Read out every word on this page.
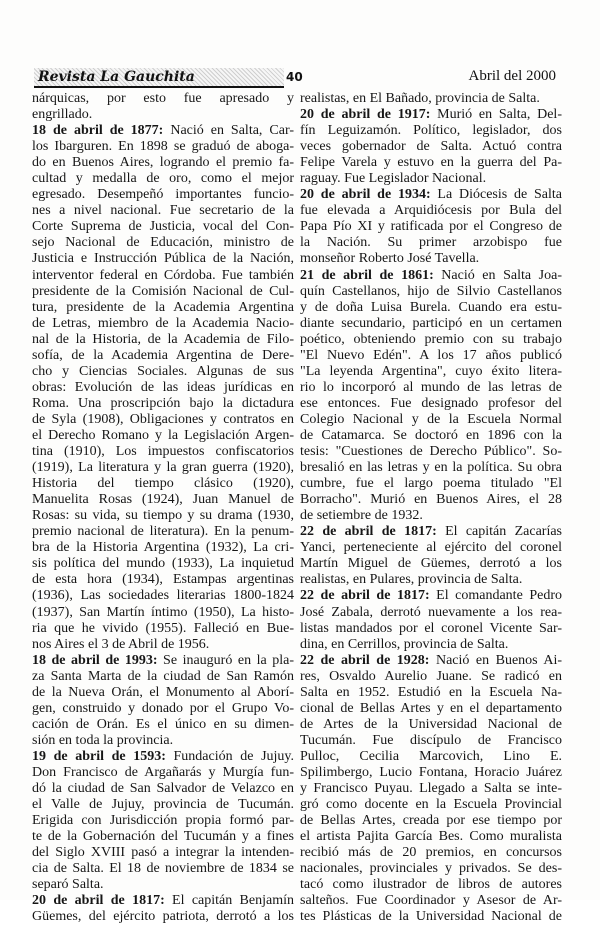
Revista La Gauchita	40	Abril del 2000
nárquicas, por esto fue apresado y
engrillado.
18 de abril de 1877: Nació en Salta, Car-
los Ibarguren. En 1898 se graduó de aboga-
do en Buenos Aires, logrando el premio fa-
cultad y medalla de oro, como el mejor
egresado. Desempeñó importantes funcio-
nes a nivel nacional. Fue secretario de la
Corte Suprema de Justicia, vocal del Con-
sejo Nacional de Educación, ministro de
Justicia e Instrucción Pública de la Nación,
interventor federal en Córdoba. Fue también
presidente de la Comisión Nacional de Cul-
tura, presidente de la Academia Argentina
de Letras, miembro de la Academia Nacio-
nal de la Historia, de la Academia de Filo-
sofía, de la Academia Argentina de Dere-
cho y Ciencias Sociales. Algunas de sus
obras: Evolución de las ideas jurídicas en
Roma. Una proscripción bajo la dictadura
de Syla (1908), Obligaciones y contratos en
el Derecho Romano y la Legislación Argen-
tina (1910), Los impuestos confiscatorios
(1919), La literatura y la gran guerra (1920),
Historia del tiempo clásico (1920),
Manuelita Rosas (1924), Juan Manuel de
Rosas: su vida, su tiempo y su drama (1930,
premio nacional de literatura). En la penum-
bra de la Historia Argentina (1932), La cri-
sis política del mundo (1933), La inquietud
de esta hora (1934), Estampas argentinas
(1936), Las sociedades literarias 1800-1824
(1937), San Martín íntimo (1950), La histo-
ria que he vivido (1955). Falleció en Bue-
nos Aires el 3 de Abril de 1956.
18 de abril de 1993: Se inauguró en la pla-
za Santa Marta de la ciudad de San Ramón
de la Nueva Orán, el Monumento al Aborí-
gen, construido y donado por el Grupo Vo-
cación de Orán. Es el único en su dimen-
sión en toda la provincia.
19 de abril de 1593: Fundación de Jujuy.
Don Francisco de Argañarás y Murgía fun-
dó la ciudad de San Salvador de Velazco en
el Valle de Jujuy, provincia de Tucumán.
Erigida con Jurisdicción propia formó par-
te de la Gobernación del Tucumán y a fines
del Siglo XVIII pasó a integrar la intenden-
cia de Salta. El 18 de noviembre de 1834 se
separó Salta.
20 de abril de 1817: El capitán Benjamín
Güemes, del ejército patriota, derrotó a los
realistas, en El Bañado, provincia de Salta.
20 de abril de 1917: Murió en Salta, Del-
fín Leguizamón. Político, legislador, dos
veces gobernador de Salta. Actuó contra
Felipe Varela y estuvo en la guerra del Pa-
raguay. Fue Legislador Nacional.
20 de abril de 1934: La Diócesis de Salta
fue elevada a Arquidiócesis por Bula del
Papa Pío XI y ratificada por el Congreso de
la Nación. Su primer arzobispo fue
monseñor Roberto José Tavella.
21 de abril de 1861: Nació en Salta Joa-
quín Castellanos, hijo de Silvio Castellanos
y de doña Luisa Burela. Cuando era estu-
diante secundario, participó en un certamen
poético, obteniendo premio con su trabajo
"El Nuevo Edén". A los 17 años publicó
"La leyenda Argentina", cuyo éxito litera-
rio lo incorporó al mundo de las letras de
ese entonces. Fue designado profesor del
Colegio Nacional y de la Escuela Normal
de Catamarca. Se doctoró en 1896 con la
tesis: "Cuestiones de Derecho Público". So-
bresalió en las letras y en la política. Su obra
cumbre, fue el largo poema titulado "El
Borracho". Murió en Buenos Aires, el 28
de setiembre de 1932.
22 de abril de 1817: El capitán Zacarías
Yanci, perteneciente al ejército del coronel
Martín Miguel de Güemes, derrotó a los
realistas, en Pulares, provincia de Salta.
22 de abril de 1817: El comandante Pedro
José Zabala, derrotó nuevamente a los rea-
listas mandados por el coronel Vicente Sar-
dina, en Cerrillos, provincia de Salta.
22 de abril de 1928: Nació en Buenos Ai-
res, Osvaldo Aurelio Juane. Se radicó en
Salta en 1952. Estudió en la Escuela Na-
cional de Bellas Artes y en el departamento
de Artes de la Universidad Nacional de
Tucumán. Fue discípulo de Francisco
Pulloc, Cecilia Marcovich, Lino E.
Spilimbergo, Lucio Fontana, Horacio Juárez
y Francisco Puyau. Llegado a Salta se inte-
gró como docente en la Escuela Provincial
de Bellas Artes, creada por ese tiempo por
el artista Pajita García Bes. Como muralista
recibió más de 20 premios, en concursos
nacionales, provinciales y privados. Se des-
tacó como ilustrador de libros de autores
salteños. Fue Coordinador y Asesor de Ar-
tes Plásticas de la Universidad Nacional de
